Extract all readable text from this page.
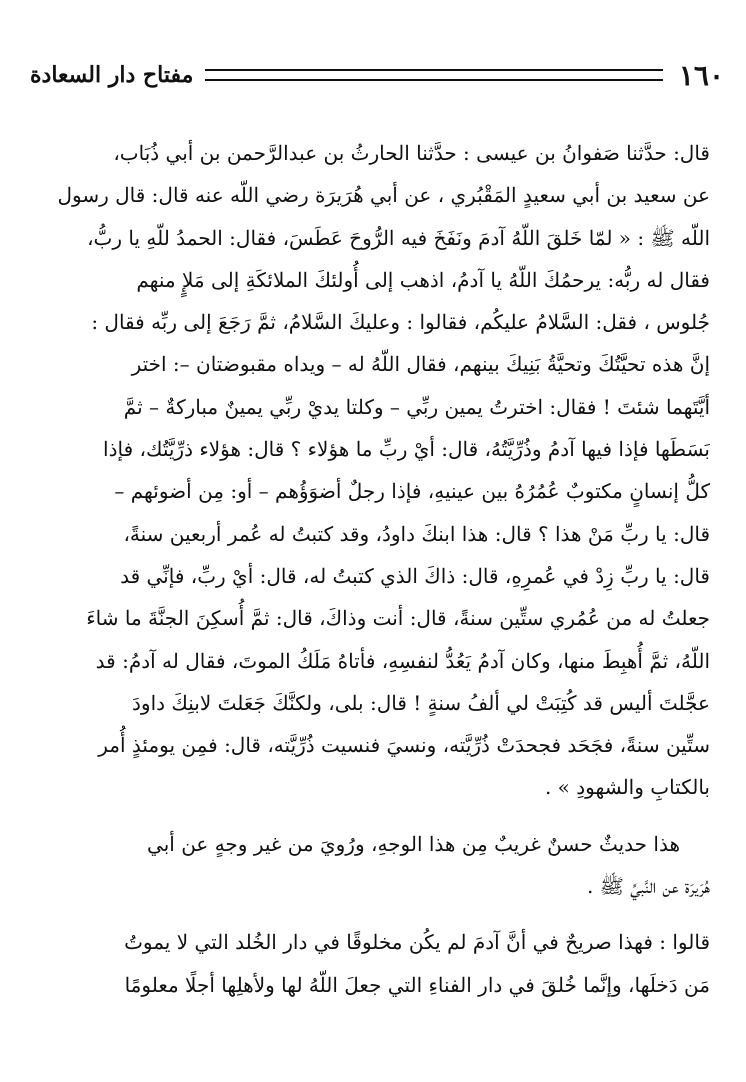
١٦٠
مفتاح دار السعادة

قال: حدَّثنا صَفوانُ بن عيسى : حدَّثنا الحارثُ بن عبدالرَّحمن بن أبي ذُبَاب،
عن سعيد بن أبي سعيدٍ المَقْبُري ، عن أبي هُرَيرَة رضي اللّه عنه قال: قال رسول
اللّه ﷺ : « لمّا خَلقَ اللّهُ آدمَ ونَفَخَ فيه الرُّوحَ عَطَسَ، فقال: الحمدُ للّهِ يا ربُّ،
فقال له ربُّه: يرحمُكَ اللّهُ يا آدمُ، اذهب إلى أُولئكَ الملائكَةِ إلى مَلإٍ منهم
جُلوس ، فقل: السَّلامُ عليكُم، فقالوا : وعليكَ السَّلامُ، ثمَّ رَجَعَ إلى ربِّه فقال :
إنَّ هذه تحيَّتُكَ وتحيَّةُ بَنِيكَ بينهم، فقال اللّهُ له – ويداه مقبوضتان –: اختر
أيَّتَهما شئتَ ! فقال: اخترتُ يمين ربِّي – وكلتا يديْ ربِّي يمينٌ مباركةٌ – ثمَّ
بَسَطَها فإذا فيها آدمُ وذُرِّيَّتُهُ، قال: أيْ ربِّ ما هؤلاء ؟ قال: هؤلاء ذرِّيَّتُك، فإذا
كلُّ إنسانٍ مكتوبٌ عُمُرُهُ بين عينيهِ، فإذا رجلٌ أضوَؤُهم – أو: مِن أضوئهم –
قال: يا ربِّ مَنْ هذا ؟ قال: هذا ابنكَ داودُ، وقد كتبتُ له عُمر أربعين سنةً،
قال: يا ربِّ زِدْ في عُمرِهِ، قال: ذاكَ الذي كتبتُ له، قال: أيْ ربِّ، فإنِّي قد
جعلتُ له من عُمُري ستِّين سنةً، قال: أنت وذاكَ، قال: ثمَّ أُسكِنَ الجنَّةَ ما شاءَ
اللّهُ، ثمَّ أُهبِطَ منها، وكان آدمُ يَعُدُّ لنفسِهِ، فأتاهُ مَلَكُ الموتَ، فقال له آدمُ: قد
عجَّلتَ أليس قد كُتِبَتْ لي ألفُ سنةٍ ! قال: بلى، ولكنَّكَ جَعَلتَ لابنِكَ داودَ
ستِّين سنةً، فجَحَد فجحدَتْ ذُرِّيَّته، ونسيَ فنسيت ذُرِّيَّته، قال: فمِن يومئذٍ أُمر
بالكتابِ والشهودِ » .

هذا حديثٌ حسنٌ غريبٌ مِن هذا الوجهِ، ورُويَ من غير وجهٍ عن أبي
هُرَيرَة عن النَّبيِّ ﷺ .

قالوا : فهذا صريحٌ في أنَّ آدمَ لم يكُن مخلوقًا في دار الخُلد التي لا يموتُ
مَن دَخلَها، وإنَّما خُلقَ في دار الفناءِ التي جعلَ اللّهُ لها ولأهلِها أجلًا معلومًا
